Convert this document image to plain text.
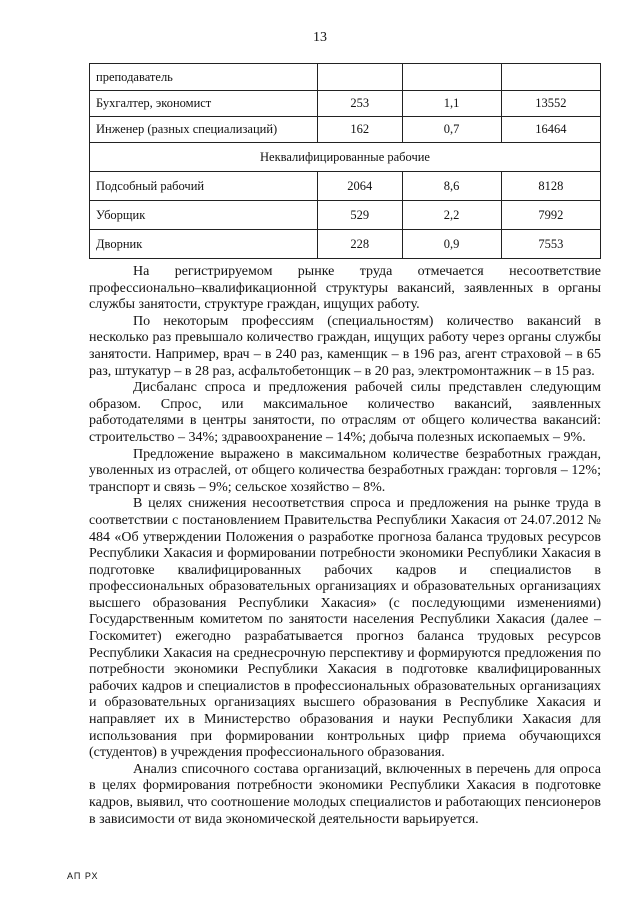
13
преподаватель			
Бухгалтер, экономист	253	1,1	13552
Инженер (разных специализаций)	162	0,7	16464
Неквалифицированные рабочие			
Подсобный рабочий	2064	8,6	8128
Уборщик	529	2,2	7992
Дворник	228	0,9	7553

На регистрируемом рынке труда отмечается несоответствие профессионально–квалификационной структуры вакансий, заявленных в органы службы занятости, структуре граждан, ищущих работу.

По некоторым профессиям (специальностям) количество вакансий в несколько раз превышало количество граждан, ищущих работу через органы службы занятости. Например, врач – в 240 раз, каменщик – в 196 раз, агент страховой – в 65 раз, штукатур – в 28 раз, асфальтобетонщик – в 20 раз, электромонтажник – в 15 раз.

Дисбаланс спроса и предложения рабочей силы представлен следующим образом. Спрос, или максимальное количество вакансий, заявленных работодателями в центры занятости, по отраслям от общего количества вакансий: строительство – 34%; здравоохранение – 14%; добыча полезных ископаемых – 9%.

Предложение выражено в максимальном количестве безработных граждан, уволенных из отраслей, от общего количества безработных граждан: торговля – 12%; транспорт и связь – 9%; сельское хозяйство – 8%.

В целях снижения несоответствия спроса и предложения на рынке труда в соответствии с постановлением Правительства Республики Хакасия от 24.07.2012 № 484 «Об утверждении Положения о разработке прогноза баланса трудовых ресурсов Республики Хакасия и формировании потребности экономики Республики Хакасия в подготовке квалифицированных рабочих кадров и специалистов в профессиональных образовательных организациях и образовательных организациях высшего образования Республики Хакасия» (с последующими изменениями) Государственным комитетом по занятости населения Республики Хакасия (далее – Госкомитет) ежегодно разрабатывается прогноз баланса трудовых ресурсов Республики Хакасия на среднесрочную перспективу и формируются предложения по потребности экономики Республики Хакасия в подготовке квалифицированных рабочих кадров и специалистов в профессиональных образовательных организациях и образовательных организациях высшего образования в Республике Хакасия и направляет их в Министерство образования и науки Республики Хакасия для использования при формировании контрольных цифр приема обучающихся (студентов) в учреждения профессионального образования.

Анализ списочного состава организаций, включенных в перечень для опроса в целях формирования потребности экономики Республики Хакасия в подготовке кадров, выявил, что соотношение молодых специалистов и работающих пенсионеров в зависимости от вида экономической деятельности варьируется.

АП РХ
